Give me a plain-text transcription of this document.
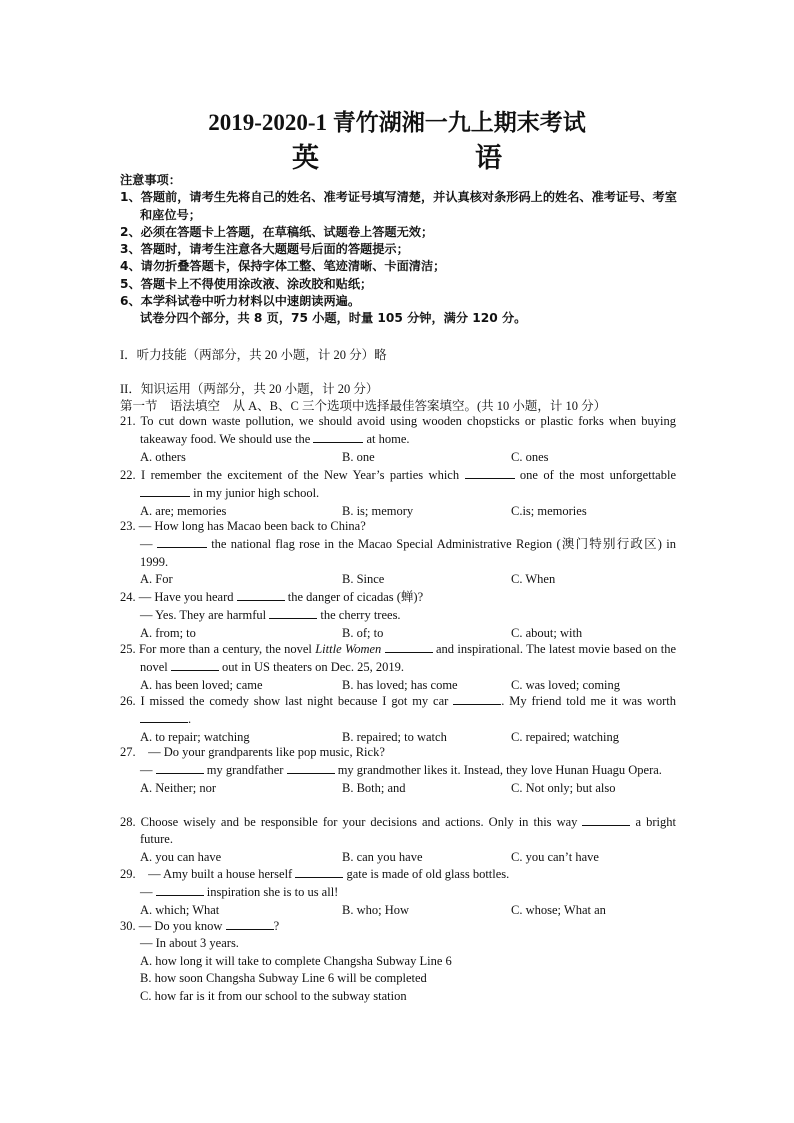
2019-2020-1 青竹湖湘一九上期末考试
英　　语
注意事项：
1、答题前，请考生先将自己的姓名、准考证号填写清楚，并认真核对条形码上的姓名、准考证号、考室和座位号；
2、必须在答题卡上答题，在草稿纸、试题卷上答题无效；
3、答题时，请考生注意各大题题号后面的答题提示；
4、请勿折叠答题卡，保持字体工整、笔迹清晰、卡面清洁；
5、答题卡上不得使用涂改液、涂改胶和贴纸；
6、本学科试卷中听力材料以中速朗读两遍。
试卷分四个部分，共 8 页，75 小题，时量 105 分钟，满分 120 分。
I．听力技能（两部分，共 20 小题，计 20 分）略
II．知识运用（两部分，共 20 小题，计 20 分）
第一节　语法填空　从 A、B、C 三个选项中选择最佳答案填空。(共 10 小题，计 10 分）
21. To cut down waste pollution, we should avoid using wooden chopsticks or plastic forks when buying takeaway food. We should use the	at home.
A. others	B. one	C. ones
22. I remember the excitement of the New Year’s parties which	one of the most unforgettable  in my junior high school.
A. are; memories	B. is; memory	C.is; memories
23. — How long has Macao been back to China?
—	the national flag rose in the Macao Special Administrative Region (澳门特别行政区) in 1999.
A. For	B. Since	C. When
24. — Have you heard	the danger of cicadas (蝉)?
— Yes. They are harmful	the cherry trees.
A. from; to	B. of; to	C. about; with
25. For more than a century, the novel Little Women	and inspirational. The latest movie based on the novel	out in US theaters on Dec. 25, 2019.
A. has been loved; came	B. has loved; has come	C. was loved; coming
26. I missed the comedy show last night because I got my car	. My friend told me it was worth .
A. to repair; watching	B. repaired; to watch	C. repaired; watching
27.　— Do your grandparents like pop music, Rick?
—	my grandfather	my grandmother likes it. Instead, they love Hunan Huagu Opera.
A. Neither; nor	B. Both; and	C. Not only; but also
28. Choose wisely and be responsible for your decisions and actions. Only in this way	a bright future.
A. you can have	B. can you have	C. you can’t have
29.　— Amy built a house herself	gate is made of old glass bottles.
—	inspiration she is to us all!
A. which; What	B. who; How	C. whose; What an
30. — Do you know	?
— In about 3 years.
A. how long it will take to complete Changsha Subway Line 6
B. how soon Changsha Subway Line 6 will be completed
C. how far is it from our school to the subway station
